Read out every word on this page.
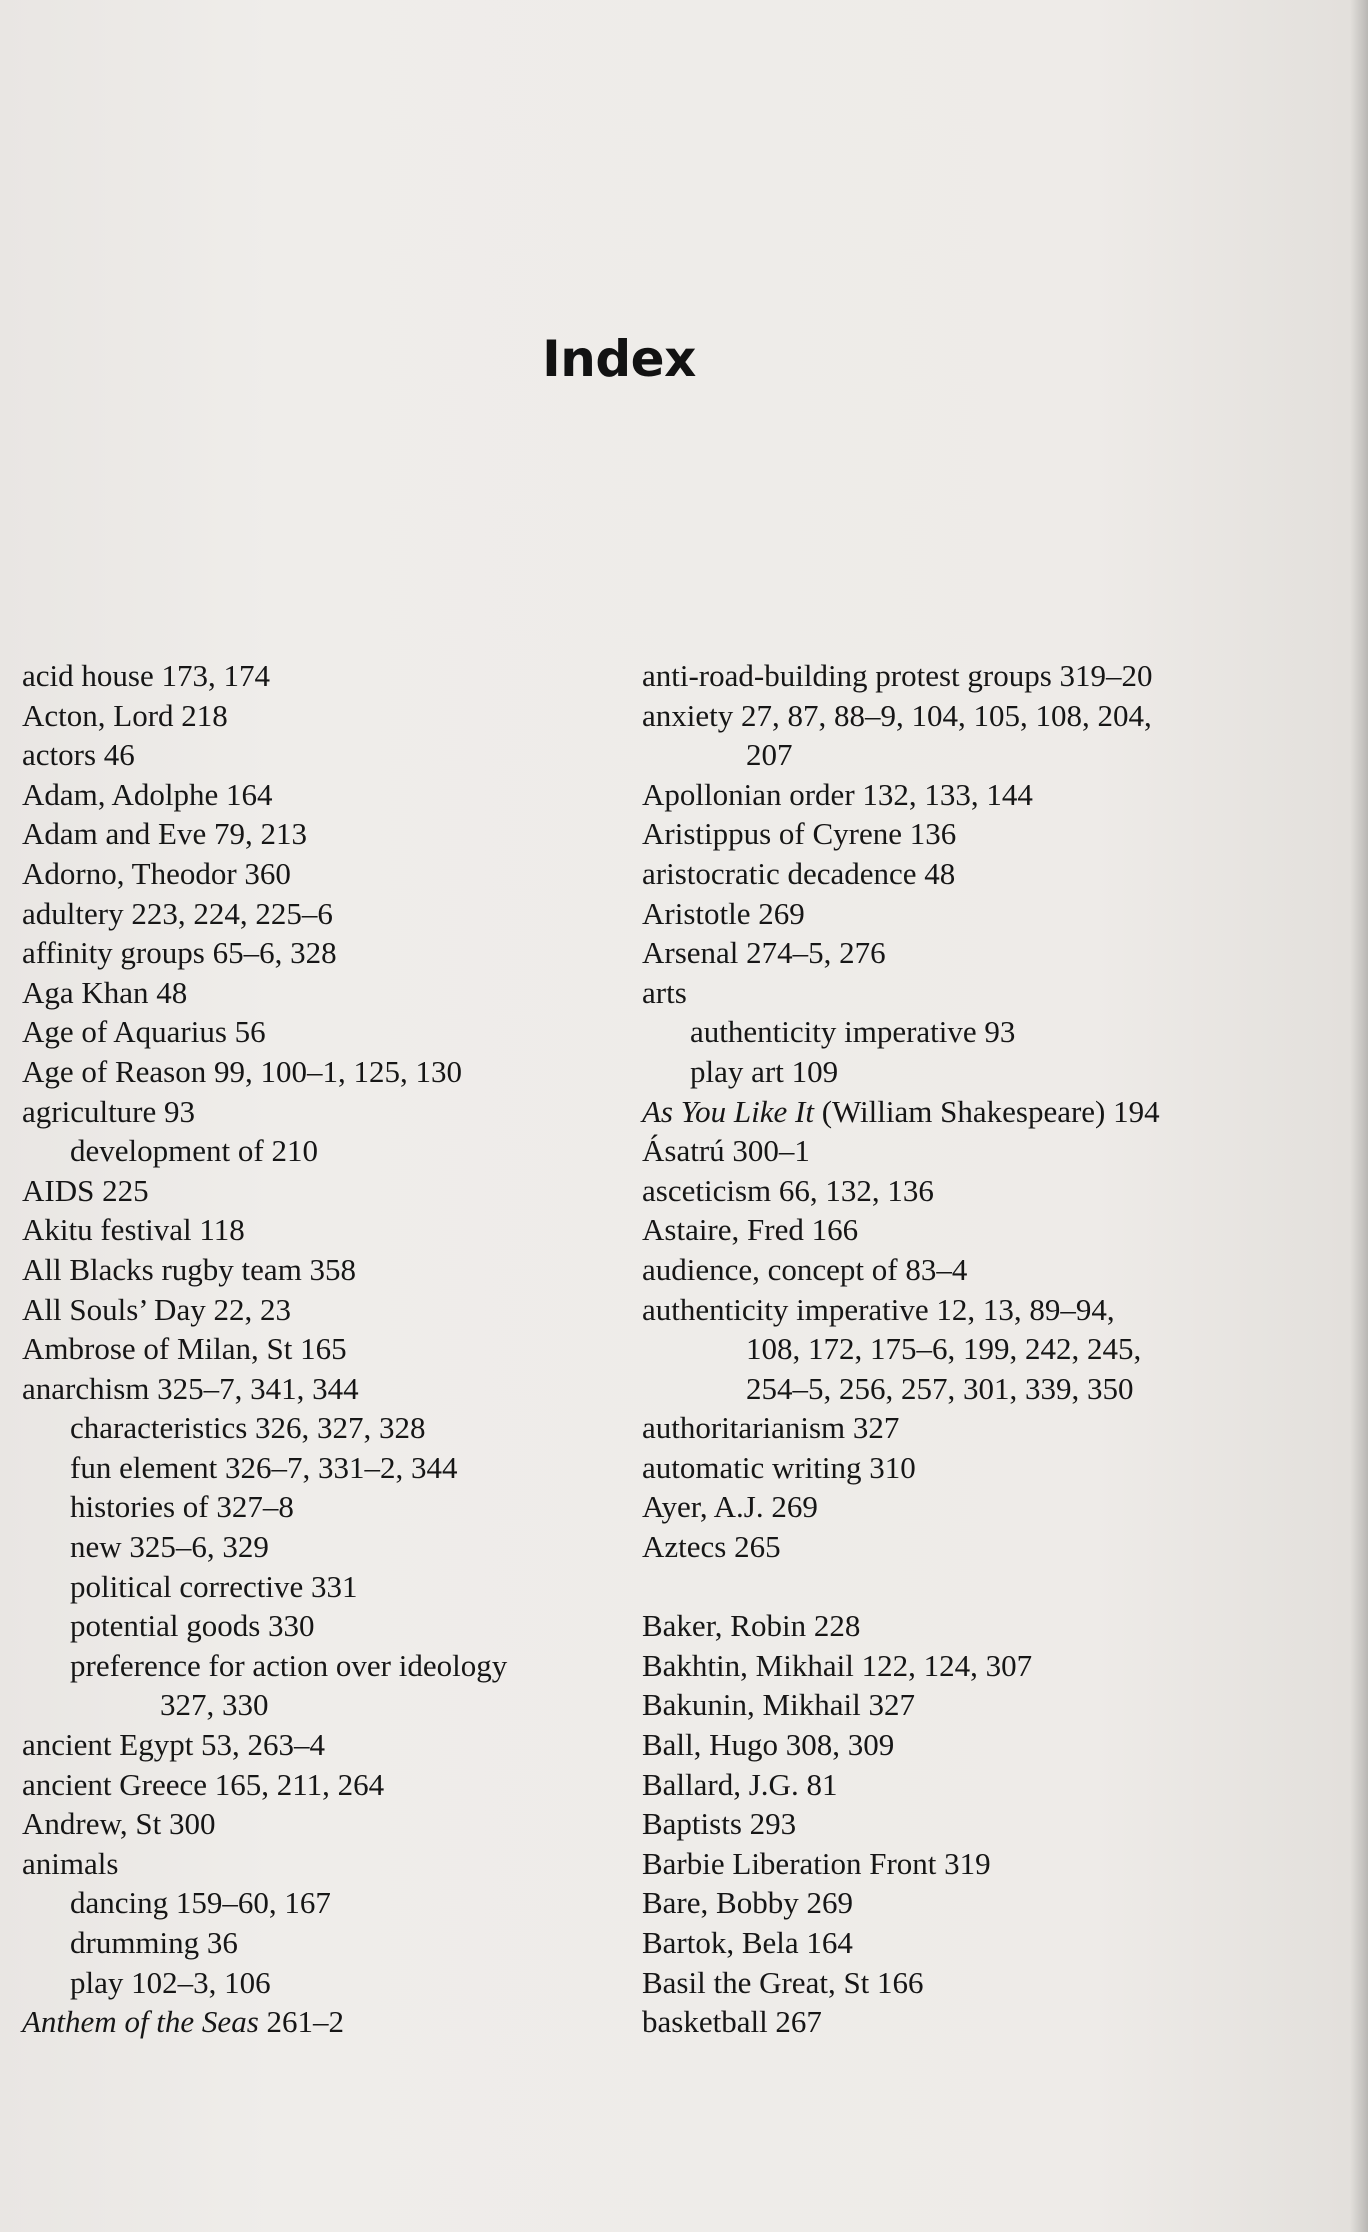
Index
acid house 173, 174
Acton, Lord 218
actors 46
Adam, Adolphe 164
Adam and Eve 79, 213
Adorno, Theodor 360
adultery 223, 224, 225–6
affinity groups 65–6, 328
Aga Khan 48
Age of Aquarius 56
Age of Reason 99, 100–1, 125, 130
agriculture 93
development of 210
AIDS 225
Akitu festival 118
All Blacks rugby team 358
All Souls’ Day 22, 23
Ambrose of Milan, St 165
anarchism 325–7, 341, 344
characteristics 326, 327, 328
fun element 326–7, 331–2, 344
histories of 327–8
new 325–6, 329
political corrective 331
potential goods 330
preference for action over ideology
327, 330
ancient Egypt 53, 263–4
ancient Greece 165, 211, 264
Andrew, St 300
animals
dancing 159–60, 167
drumming 36
play 102–3, 106
Anthem of the Seas 261–2
anti-road-building protest groups 319–20
anxiety 27, 87, 88–9, 104, 105, 108, 204,
207
Apollonian order 132, 133, 144
Aristippus of Cyrene 136
aristocratic decadence 48
Aristotle 269
Arsenal 274–5, 276
arts
authenticity imperative 93
play art 109
As You Like It (William Shakespeare) 194
Ásatrú 300–1
asceticism 66, 132, 136
Astaire, Fred 166
audience, concept of 83–4
authenticity imperative 12, 13, 89–94,
108, 172, 175–6, 199, 242, 245,
254–5, 256, 257, 301, 339, 350
authoritarianism 327
automatic writing 310
Ayer, A.J. 269
Aztecs 265
Baker, Robin 228
Bakhtin, Mikhail 122, 124, 307
Bakunin, Mikhail 327
Ball, Hugo 308, 309
Ballard, J.G. 81
Baptists 293
Barbie Liberation Front 319
Bare, Bobby 269
Bartok, Bela 164
Basil the Great, St 166
basketball 267
